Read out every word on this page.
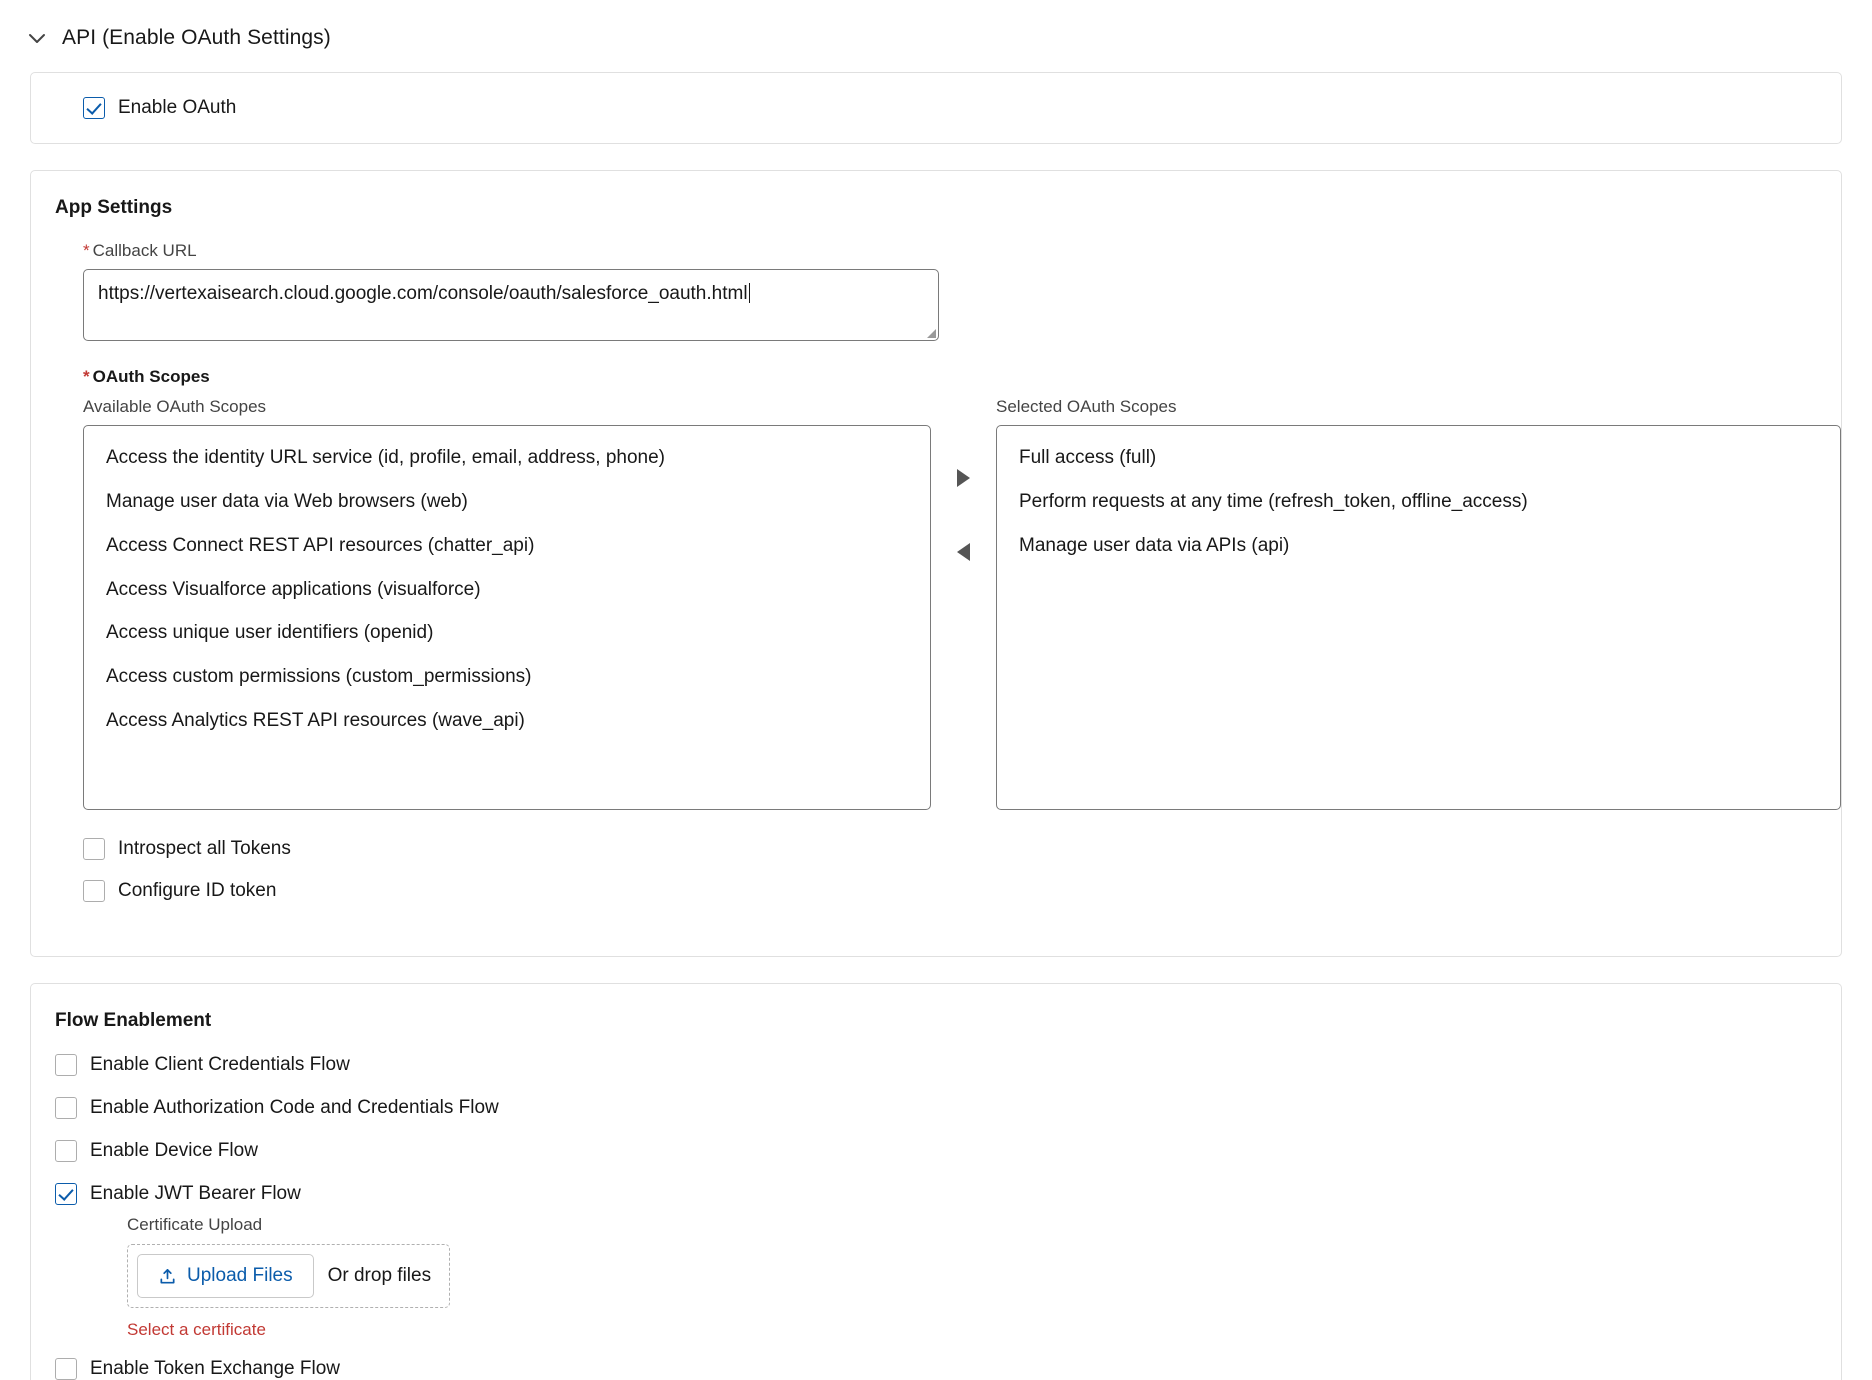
API (Enable OAuth Settings)
Enable OAuth
App Settings
* Callback URL
https://vertexaisearch.cloud.google.com/console/oauth/salesforce_oauth.html
* OAuth Scopes
Available OAuth Scopes
Access the identity URL service (id, profile, email, address, phone)
Manage user data via Web browsers (web)
Access Connect REST API resources (chatter_api)
Access Visualforce applications (visualforce)
Access unique user identifiers (openid)
Access custom permissions (custom_permissions)
Access Analytics REST API resources (wave_api)
Selected OAuth Scopes
Full access (full)
Perform requests at any time (refresh_token, offline_access)
Manage user data via APIs (api)
Introspect all Tokens
Configure ID token
Flow Enablement
Enable Client Credentials Flow
Enable Authorization Code and Credentials Flow
Enable Device Flow
Enable JWT Bearer Flow
Certificate Upload
Upload Files Or drop files
Select a certificate
Enable Token Exchange Flow
